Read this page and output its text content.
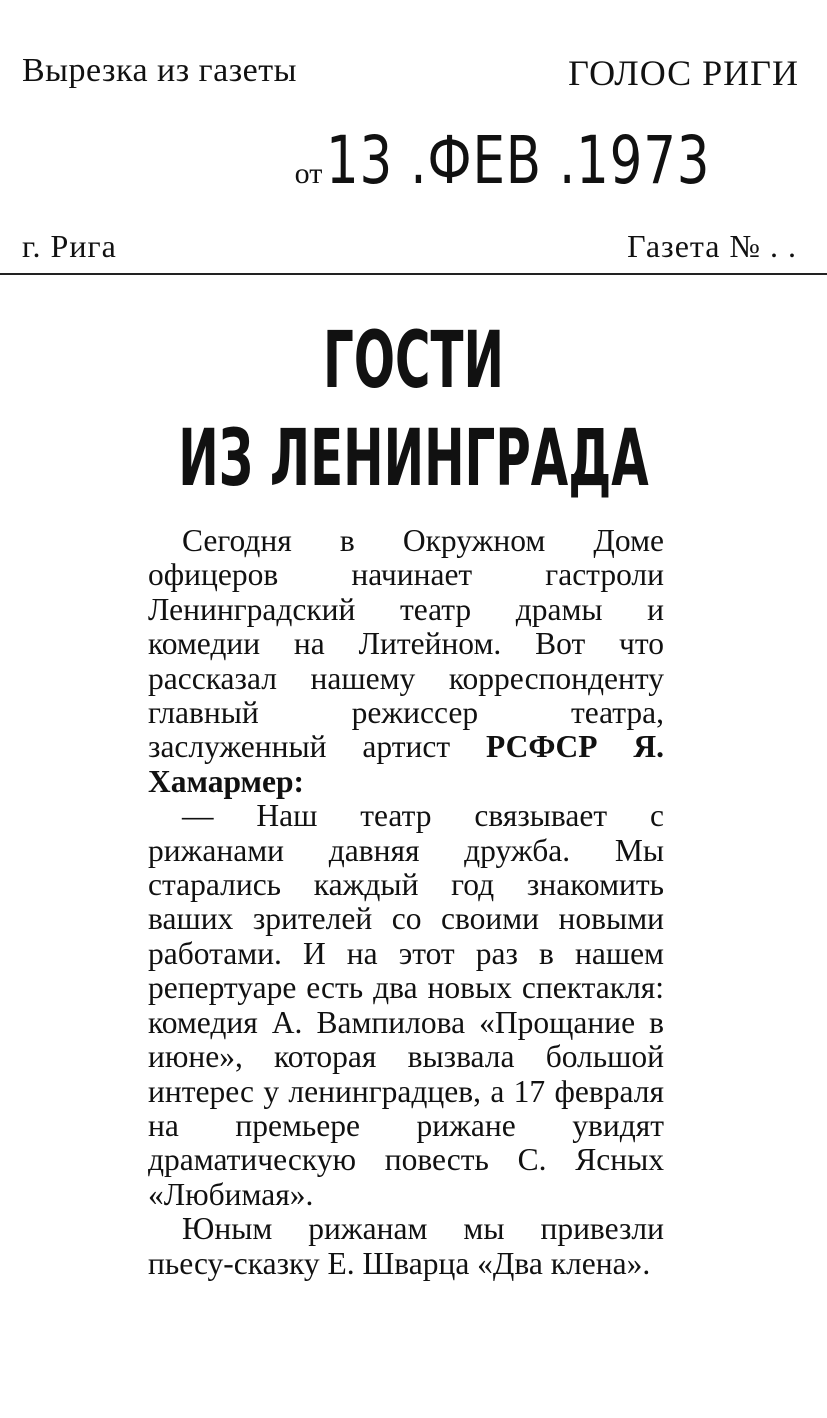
Вырезка из газеты	ГОЛОС РИГИ
от 13 .ФЕВ .1973
г. Рига	Газета № . .
ГОСТИ
ИЗ ЛЕНИНГРАДА

Сегодня в Окружном Доме офицеров начинает гастроли Ленинградский театр драмы и комедии на Литейном. Вот что рассказал нашему корреспонденту главный режиссер театра, заслуженный артист РСФСР Я. Хамармер:

— Наш театр связывает с рижанами давняя дружба. Мы старались каждый год знакомить ваших зрителей со своими новыми работами. И на этот раз в нашем репертуаре есть два новых спектакля: комедия А. Вампилова «Прощание в июне», которая вызвала большой интерес у ленинградцев, а 17 февраля на премьере рижане увидят драматическую повесть С. Ясных «Любимая».

Юным рижанам мы привезли пьесу-сказку Е. Шварца «Два клена».
